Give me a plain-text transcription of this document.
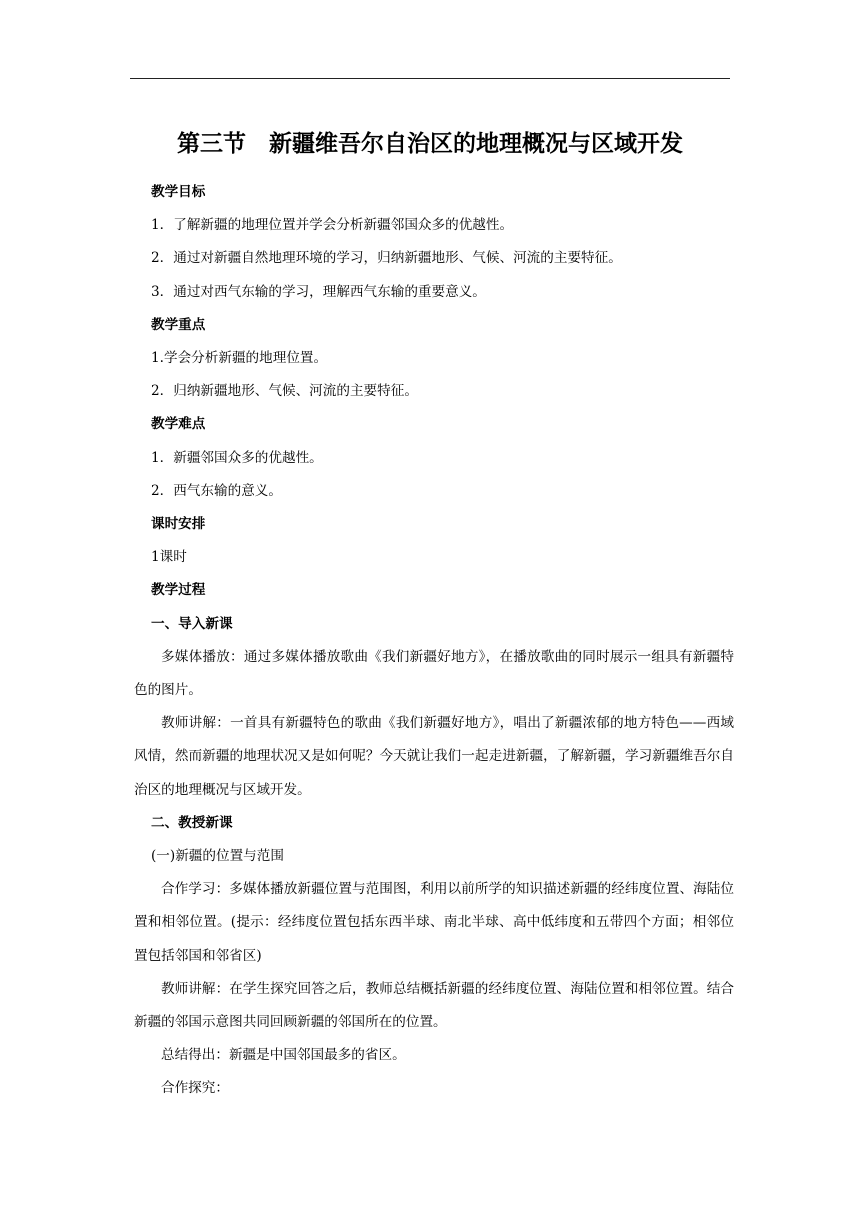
第三节　新疆维吾尔自治区的地理概况与区域开发
教学目标
1．了解新疆的地理位置并学会分析新疆邻国众多的优越性。
2．通过对新疆自然地理环境的学习，归纳新疆地形、气候、河流的主要特征。
3．通过对西气东输的学习，理解西气东输的重要意义。
教学重点
1.学会分析新疆的地理位置。
2．归纳新疆地形、气候、河流的主要特征。
教学难点
1．新疆邻国众多的优越性。
2．西气东输的意义。
课时安排
1课时
教学过程
一、导入新课

多媒体播放：通过多媒体播放歌曲《我们新疆好地方》，在播放歌曲的同时展示一组具有新疆特色的图片。

教师讲解：一首具有新疆特色的歌曲《我们新疆好地方》，唱出了新疆浓郁的地方特色——西域风情，然而新疆的地理状况又是如何呢？今天就让我们一起走进新疆，了解新疆，学习新疆维吾尔自治区的地理概况与区域开发。

二、教授新课
(一)新疆的位置与范围

合作学习：多媒体播放新疆位置与范围图，利用以前所学的知识描述新疆的经纬度位置、海陆位置和相邻位置。(提示：经纬度位置包括东西半球、南北半球、高中低纬度和五带四个方面；相邻位置包括邻国和邻省区)

教师讲解：在学生探究回答之后，教师总结概括新疆的经纬度位置、海陆位置和相邻位置。结合新疆的邻国示意图共同回顾新疆的邻国所在的位置。

总结得出：新疆是中国邻国最多的省区。

合作探究：
